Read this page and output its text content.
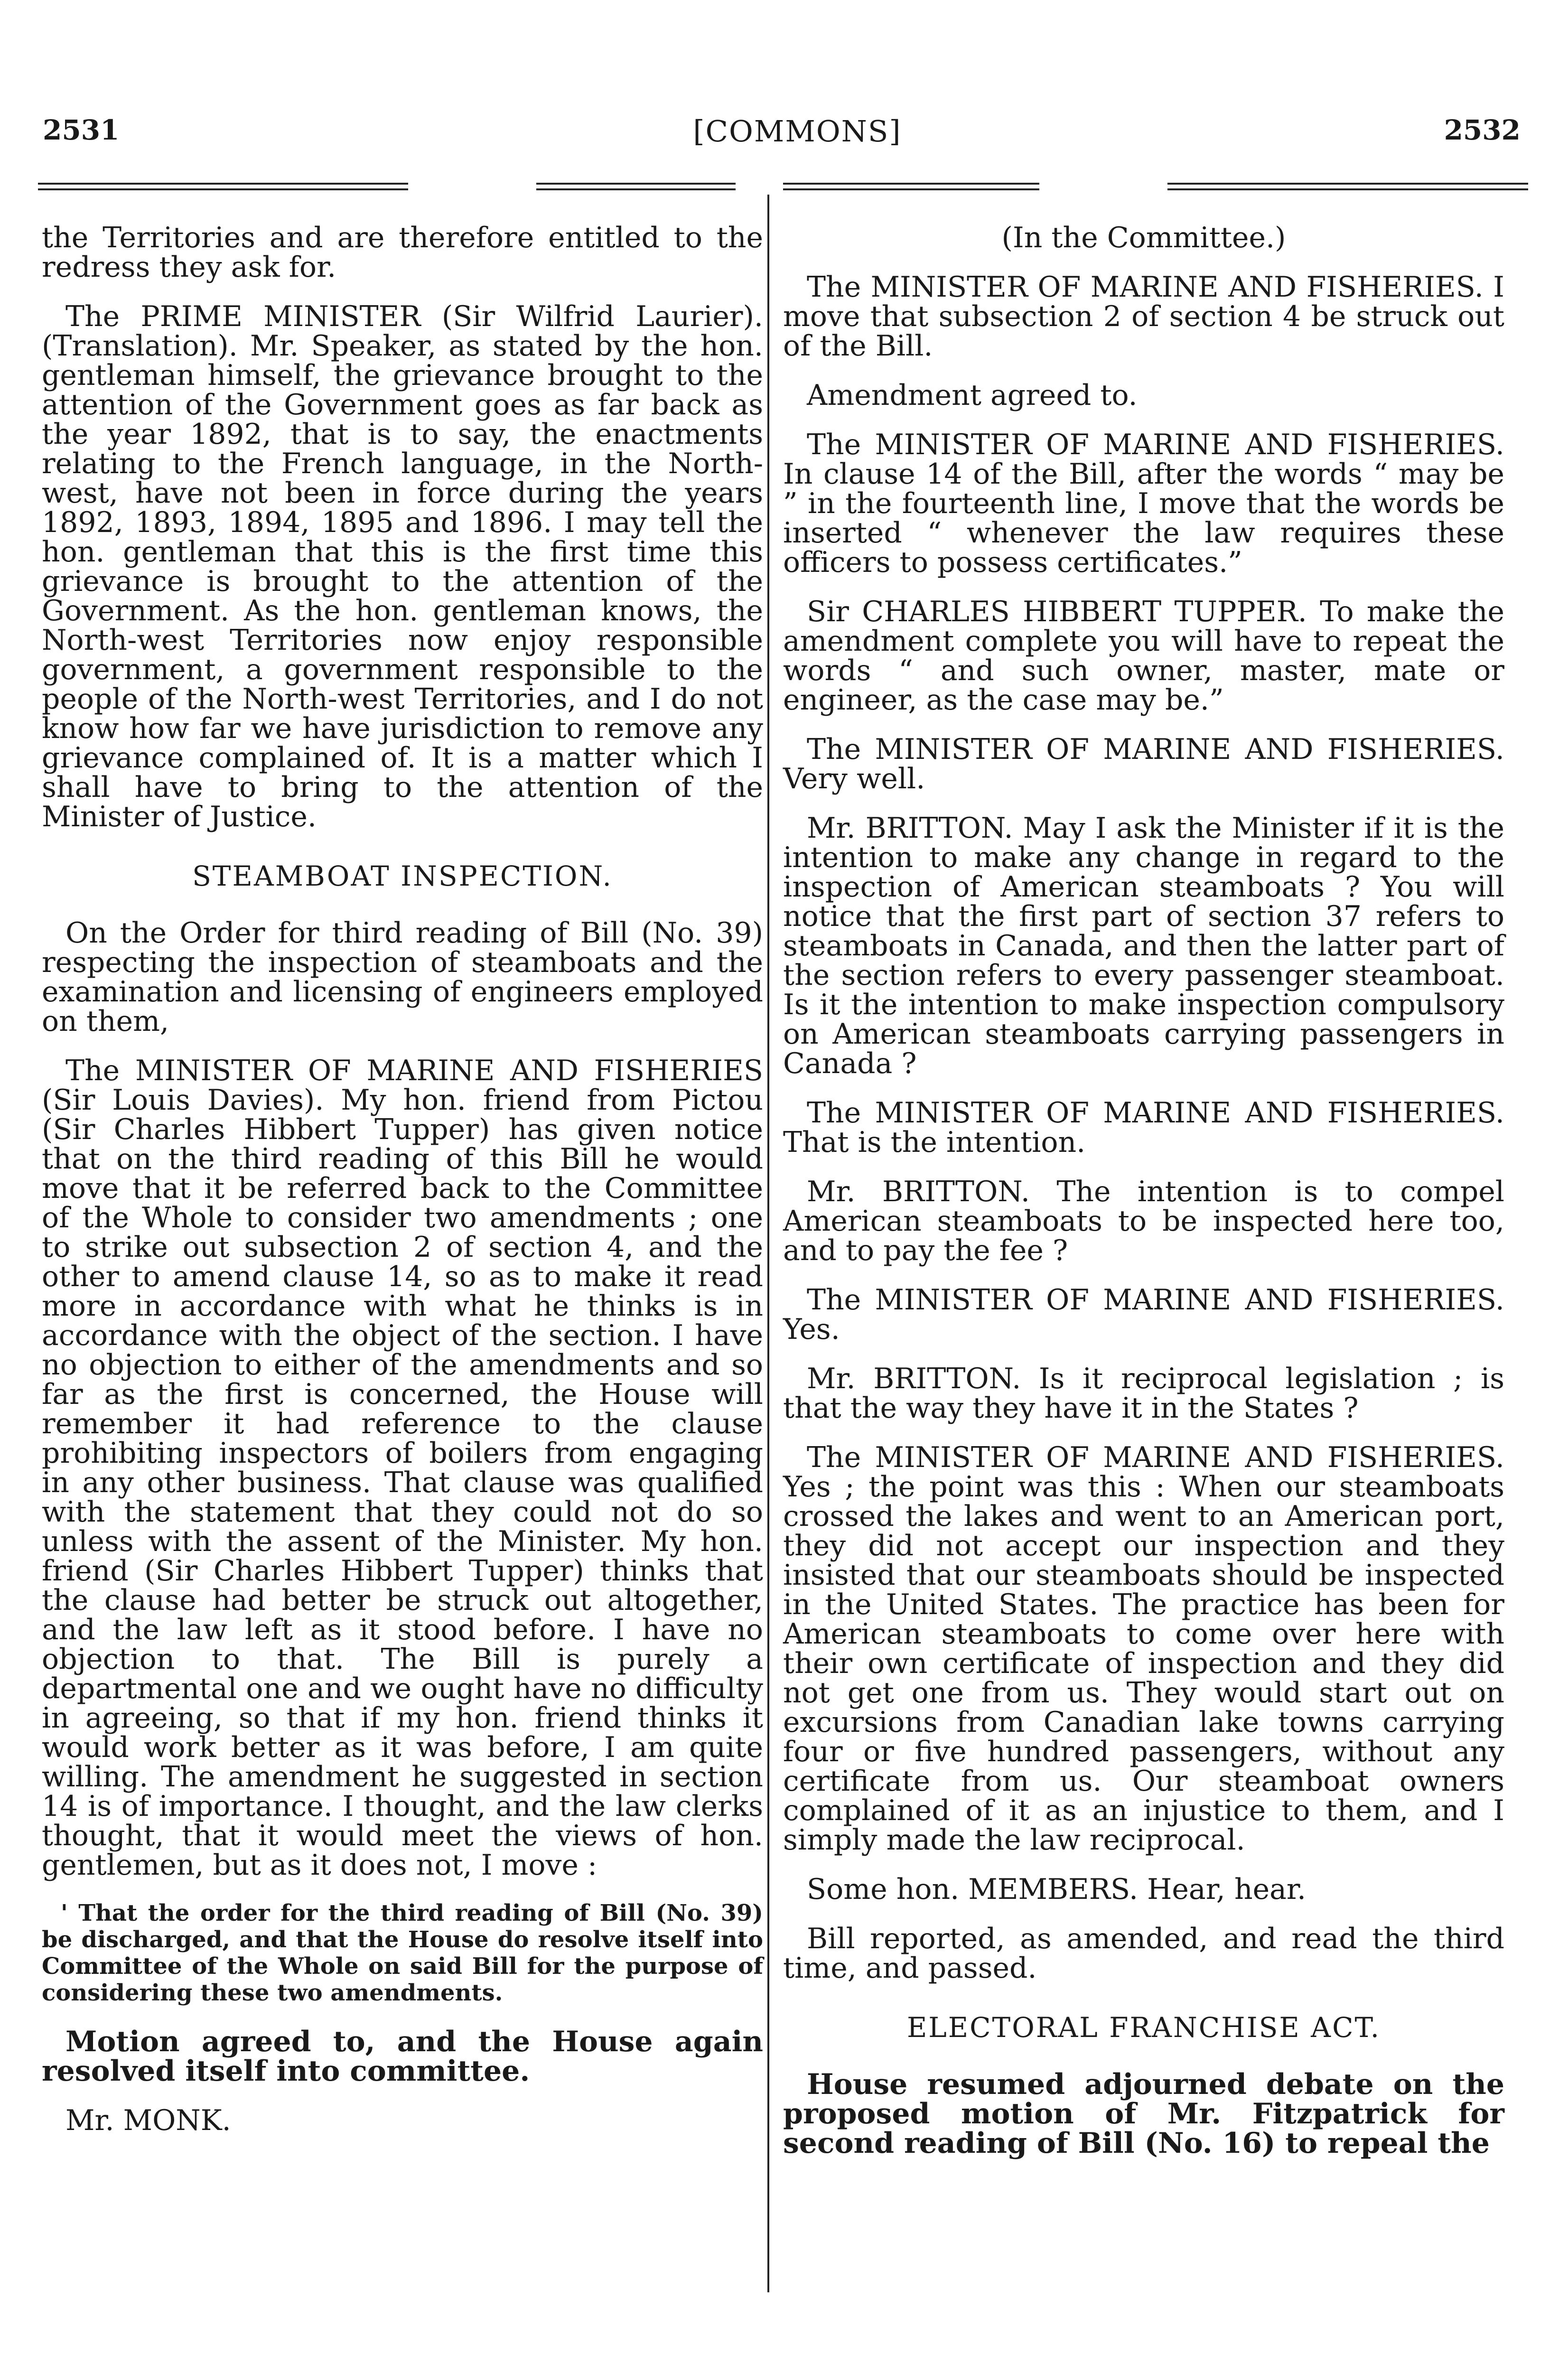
2531	[COMMONS]	2532

the Territories and are therefore entitled to the redress they ask for.

The PRIME MINISTER (Sir Wilfrid Laurier). (Translation). Mr. Speaker, as stated by the hon. gentleman himself, the grievance brought to the attention of the Government goes as far back as the year 1892, that is to say, the enactments relating to the French language, in the North-west, have not been in force during the years 1892, 1893, 1894, 1895 and 1896. I may tell the hon. gentleman that this is the first time this grievance is brought to the attention of the Government. As the hon. gentleman knows, the North-west Territories now enjoy responsible government, a government responsible to the people of the North-west Territories, and I do not know how far we have jurisdiction to remove any grievance complained of. It is a matter which I shall have to bring to the attention of the Minister of Justice.

STEAMBOAT INSPECTION.

On the Order for third reading of Bill (No. 39) respecting the inspection of steamboats and the examination and licensing of engineers employed on them,

The MINISTER OF MARINE AND FISHERIES (Sir Louis Davies). My hon. friend from Pictou (Sir Charles Hibbert Tupper) has given notice that on the third reading of this Bill he would move that it be referred back to the Committee of the Whole to consider two amendments ; one to strike out subsection 2 of section 4, and the other to amend clause 14, so as to make it read more in accordance with what he thinks is in accordance with the object of the section. I have no objection to either of the amendments and so far as the first is concerned, the House will remember it had reference to the clause prohibiting inspectors of boilers from engaging in any other business. That clause was qualified with the statement that they could not do so unless with the assent of the Minister. My hon. friend (Sir Charles Hibbert Tupper) thinks that the clause had better be struck out altogether, and the law left as it stood before. I have no objection to that. The Bill is purely a departmental one and we ought have no difficulty in agreeing, so that if my hon. friend thinks it would work better as it was before, I am quite willing. The amendment he suggested in section 14 is of importance. I thought, and the law clerks thought, that it would meet the views of hon. gentlemen, but as it does not, I move :

' That the order for the third reading of Bill (No. 39) be discharged, and that the House do resolve itself into Committee of the Whole on said Bill for the purpose of considering these two amendments.

Motion agreed to, and the House again resolved itself into committee.

Mr. MONK.

(In the Committee.)

The MINISTER OF MARINE AND FISHERIES. I move that subsection 2 of section 4 be struck out of the Bill.

Amendment agreed to.

The MINISTER OF MARINE AND FISHERIES. In clause 14 of the Bill, after the words “ may be ” in the fourteenth line, I move that the words be inserted “ whenever the law requires these officers to possess certificates.”

Sir CHARLES HIBBERT TUPPER. To make the amendment complete you will have to repeat the words “ and such owner, master, mate or engineer, as the case may be.”

The MINISTER OF MARINE AND FISHERIES. Very well.

Mr. BRITTON. May I ask the Minister if it is the intention to make any change in regard to the inspection of American steamboats ? You will notice that the first part of section 37 refers to steamboats in Canada, and then the latter part of the section refers to every passenger steamboat. Is it the intention to make inspection compulsory on American steamboats carrying passengers in Canada ?

The MINISTER OF MARINE AND FISHERIES. That is the intention.

Mr. BRITTON. The intention is to compel American steamboats to be inspected here too, and to pay the fee ?

The MINISTER OF MARINE AND FISHERIES. Yes.

Mr. BRITTON. Is it reciprocal legislation ; is that the way they have it in the States ?

The MINISTER OF MARINE AND FISHERIES. Yes ; the point was this : When our steamboats crossed the lakes and went to an American port, they did not accept our inspection and they insisted that our steamboats should be inspected in the United States. The practice has been for American steamboats to come over here with their own certificate of inspection and they did not get one from us. They would start out on excursions from Canadian lake towns carrying four or five hundred passengers, without any certificate from us. Our steamboat owners complained of it as an injustice to them, and I simply made the law reciprocal.

Some hon. MEMBERS. Hear, hear.

Bill reported, as amended, and read the third time, and passed.

ELECTORAL FRANCHISE ACT.

House resumed adjourned debate on the proposed motion of Mr. Fitzpatrick for second reading of Bill (No. 16) to repeal the
